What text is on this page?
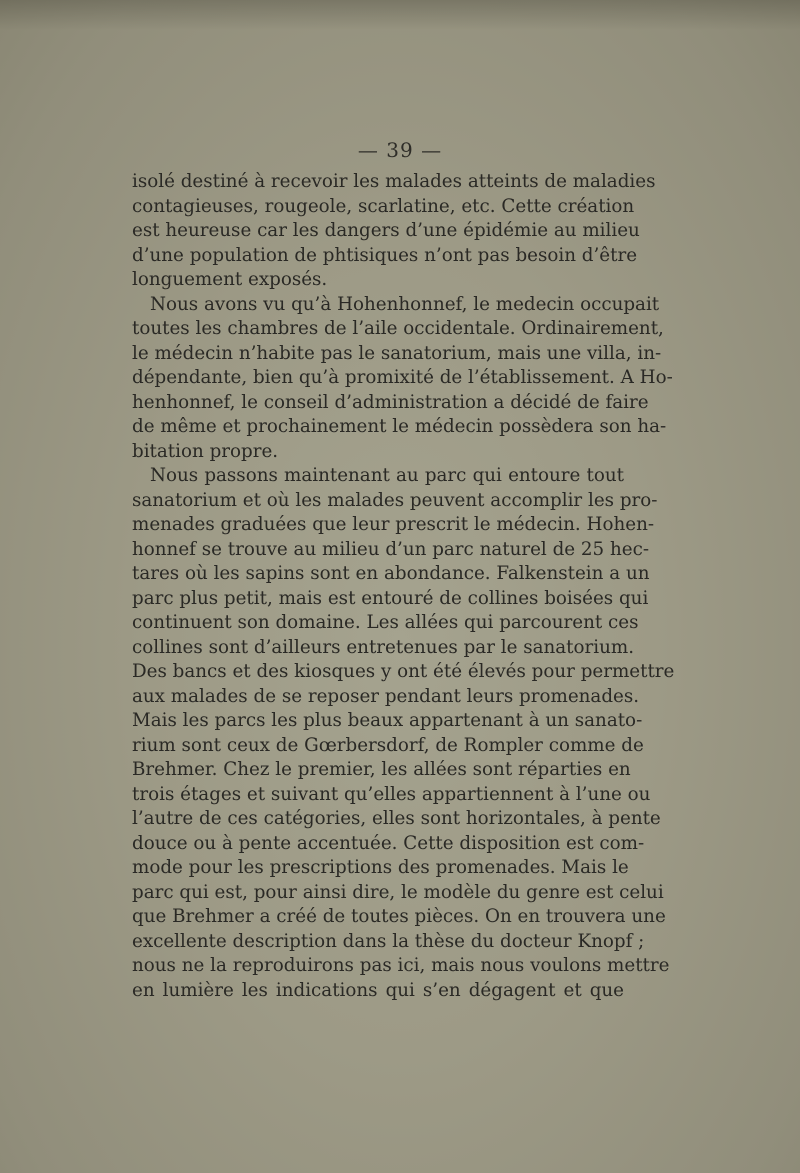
— 39 —
isolé destiné à recevoir les malades atteints de maladies
contagieuses, rougeole, scarlatine, etc. Cette création
est heureuse car les dangers d’une épidémie au milieu
d’une population de phtisiques n’ont pas besoin d’être
longuement exposés.
Nous avons vu qu’à Hohenhonnef, le medecin occupait
toutes les chambres de l’aile occidentale. Ordinairement,
le médecin n’habite pas le sanatorium, mais une villa, in-
dépendante, bien qu’à promixité de l’établissement. A Ho-
henhonnef, le conseil d’administration a décidé de faire
de même et prochainement le médecin possèdera son ha-
bitation propre.
Nous passons maintenant au parc qui entoure tout
sanatorium et où les malades peuvent accomplir les pro-
menades graduées que leur prescrit le médecin. Hohen-
honnef se trouve au milieu d’un parc naturel de 25 hec-
tares où les sapins sont en abondance. Falkenstein a un
parc plus petit, mais est entouré de collines boisées qui
continuent son domaine. Les allées qui parcourent ces
collines sont d’ailleurs entretenues par le sanatorium.
Des bancs et des kiosques y ont été élevés pour permettre
aux malades de se reposer pendant leurs promenades.
Mais les parcs les plus beaux appartenant à un sanato-
rium sont ceux de Gœrbersdorf, de Rompler comme de
Brehmer. Chez le premier, les allées sont réparties en
trois étages et suivant qu’elles appartiennent à l’une ou
l’autre de ces catégories, elles sont horizontales, à pente
douce ou à pente accentuée. Cette disposition est com-
mode pour les prescriptions des promenades. Mais le
parc qui est, pour ainsi dire, le modèle du genre est celui
que Brehmer a créé de toutes pièces. On en trouvera une
excellente description dans la thèse du docteur Knopf ;
nous ne la reproduirons pas ici, mais nous voulons mettre
en lumière les indications qui s’en dégagent et que
